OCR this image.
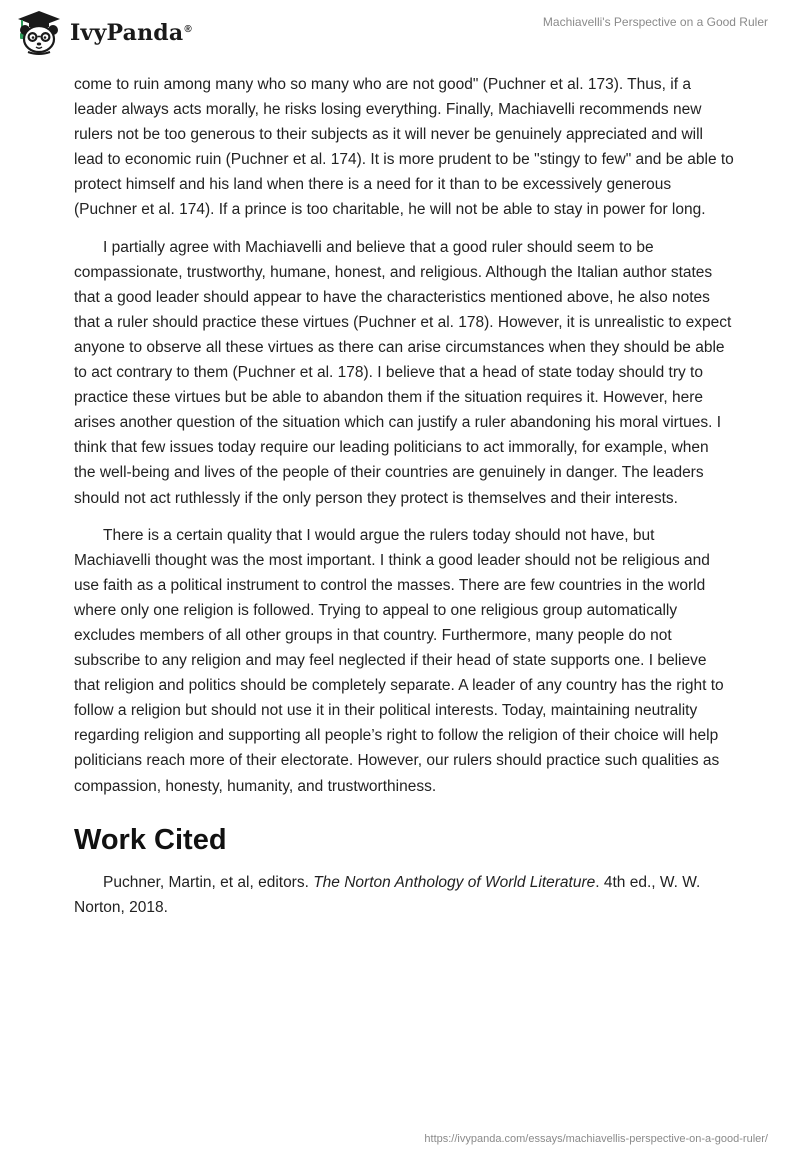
IvyPanda®
Machiavelli's Perspective on a Good Ruler

come to ruin among many who so many who are not good" (Puchner et al. 173). Thus, if a leader always acts morally, he risks losing everything. Finally, Machiavelli recommends new rulers not be too generous to their subjects as it will never be genuinely appreciated and will lead to economic ruin (Puchner et al. 174). It is more prudent to be "stingy to few" and be able to protect himself and his land when there is a need for it than to be excessively generous (Puchner et al. 174). If a prince is too charitable, he will not be able to stay in power for long.

I partially agree with Machiavelli and believe that a good ruler should seem to be compassionate, trustworthy, humane, honest, and religious. Although the Italian author states that a good leader should appear to have the characteristics mentioned above, he also notes that a ruler should practice these virtues (Puchner et al. 178). However, it is unrealistic to expect anyone to observe all these virtues as there can arise circumstances when they should be able to act contrary to them (Puchner et al. 178). I believe that a head of state today should try to practice these virtues but be able to abandon them if the situation requires it. However, here arises another question of the situation which can justify a ruler abandoning his moral virtues. I think that few issues today require our leading politicians to act immorally, for example, when the well-being and lives of the people of their countries are genuinely in danger. The leaders should not act ruthlessly if the only person they protect is themselves and their interests.

There is a certain quality that I would argue the rulers today should not have, but Machiavelli thought was the most important. I think a good leader should not be religious and use faith as a political instrument to control the masses. There are few countries in the world where only one religion is followed. Trying to appeal to one religious group automatically excludes members of all other groups in that country. Furthermore, many people do not subscribe to any religion and may feel neglected if their head of state supports one. I believe that religion and politics should be completely separate. A leader of any country has the right to follow a religion but should not use it in their political interests. Today, maintaining neutrality regarding religion and supporting all people’s right to follow the religion of their choice will help politicians reach more of their electorate. However, our rulers should practice such qualities as compassion, honesty, humanity, and trustworthiness.

Work Cited

Puchner, Martin, et al, editors. The Norton Anthology of World Literature. 4th ed., W. W. Norton, 2018.

https://ivypanda.com/essays/machiavellis-perspective-on-a-good-ruler/
